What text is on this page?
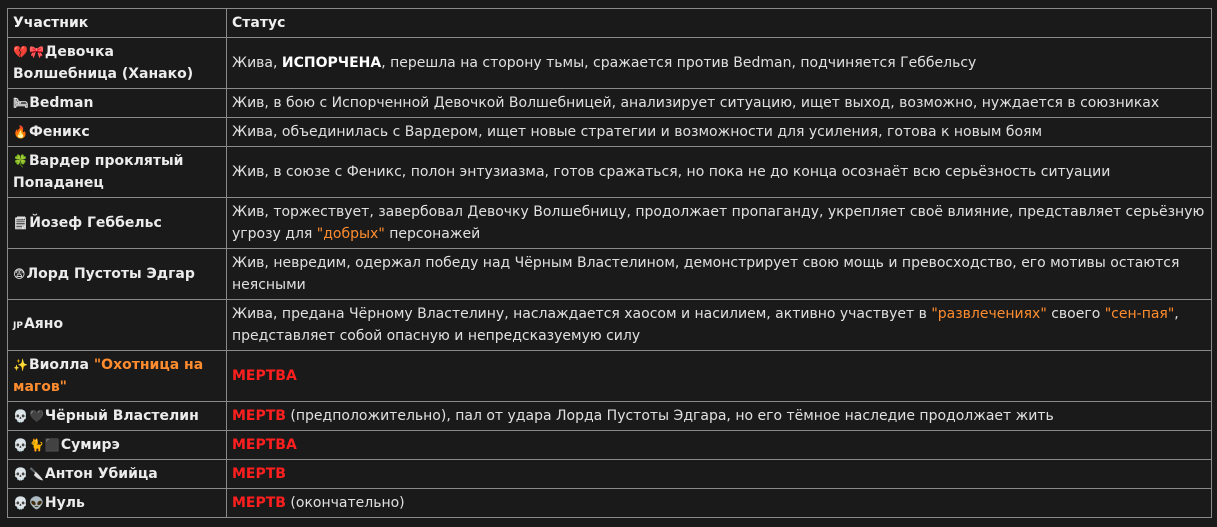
Участник	Статус
💔🎀Девочка Волшебница (Ханако)	Жива, ИСПОРЧЕНА, перешла на сторону тьмы, сражается против Bedman, подчиняется Геббельсу
🛏Bedman	Жив, в бою с Испорченной Девочкой Волшебницей, анализирует ситуацию, ищет выход, возможно, нуждается в союзниках
🔥Феникс	Жива, объединилась с Вардером, ищет новые стратегии и возможности для усиления, готова к новым боям
🍀Вардер проклятый Попаданец	Жив, в союзе с Феникс, полон энтузиазма, готов сражаться, но пока не до конца осознаёт всю серьёзность ситуации
🗒Йозеф Геббельс	Жив, торжествует, завербовал Девочку Волшебницу, продолжает пропаганду, укрепляет своё влияние, представляет серьёзную угрозу для "добрых" персонажей
😨Лорд Пустоты Эдгар	Жив, невредим, одержал победу над Чёрным Властелином, демонстрирует свою мощь и превосходство, его мотивы остаются неясными
JPАяно	Жива, предана Чёрному Властелину, наслаждается хаосом и насилием, активно участвует в "развлечениях" своего "сен-пая", представляет собой опасную и непредсказуемую силу
✨Виолла "Охотница на магов"	МЕРТВА
💀🖤Чёрный Властелин	МЕРТВ (предположительно), пал от удара Лорда Пустоты Эдгара, но его тёмное наследие продолжает жить
💀🐈⬛Сумирэ	МЕРТВА
💀🔪Антон Убийца	МЕРТВ
💀👽Нуль	МЕРТВ (окончательно)
